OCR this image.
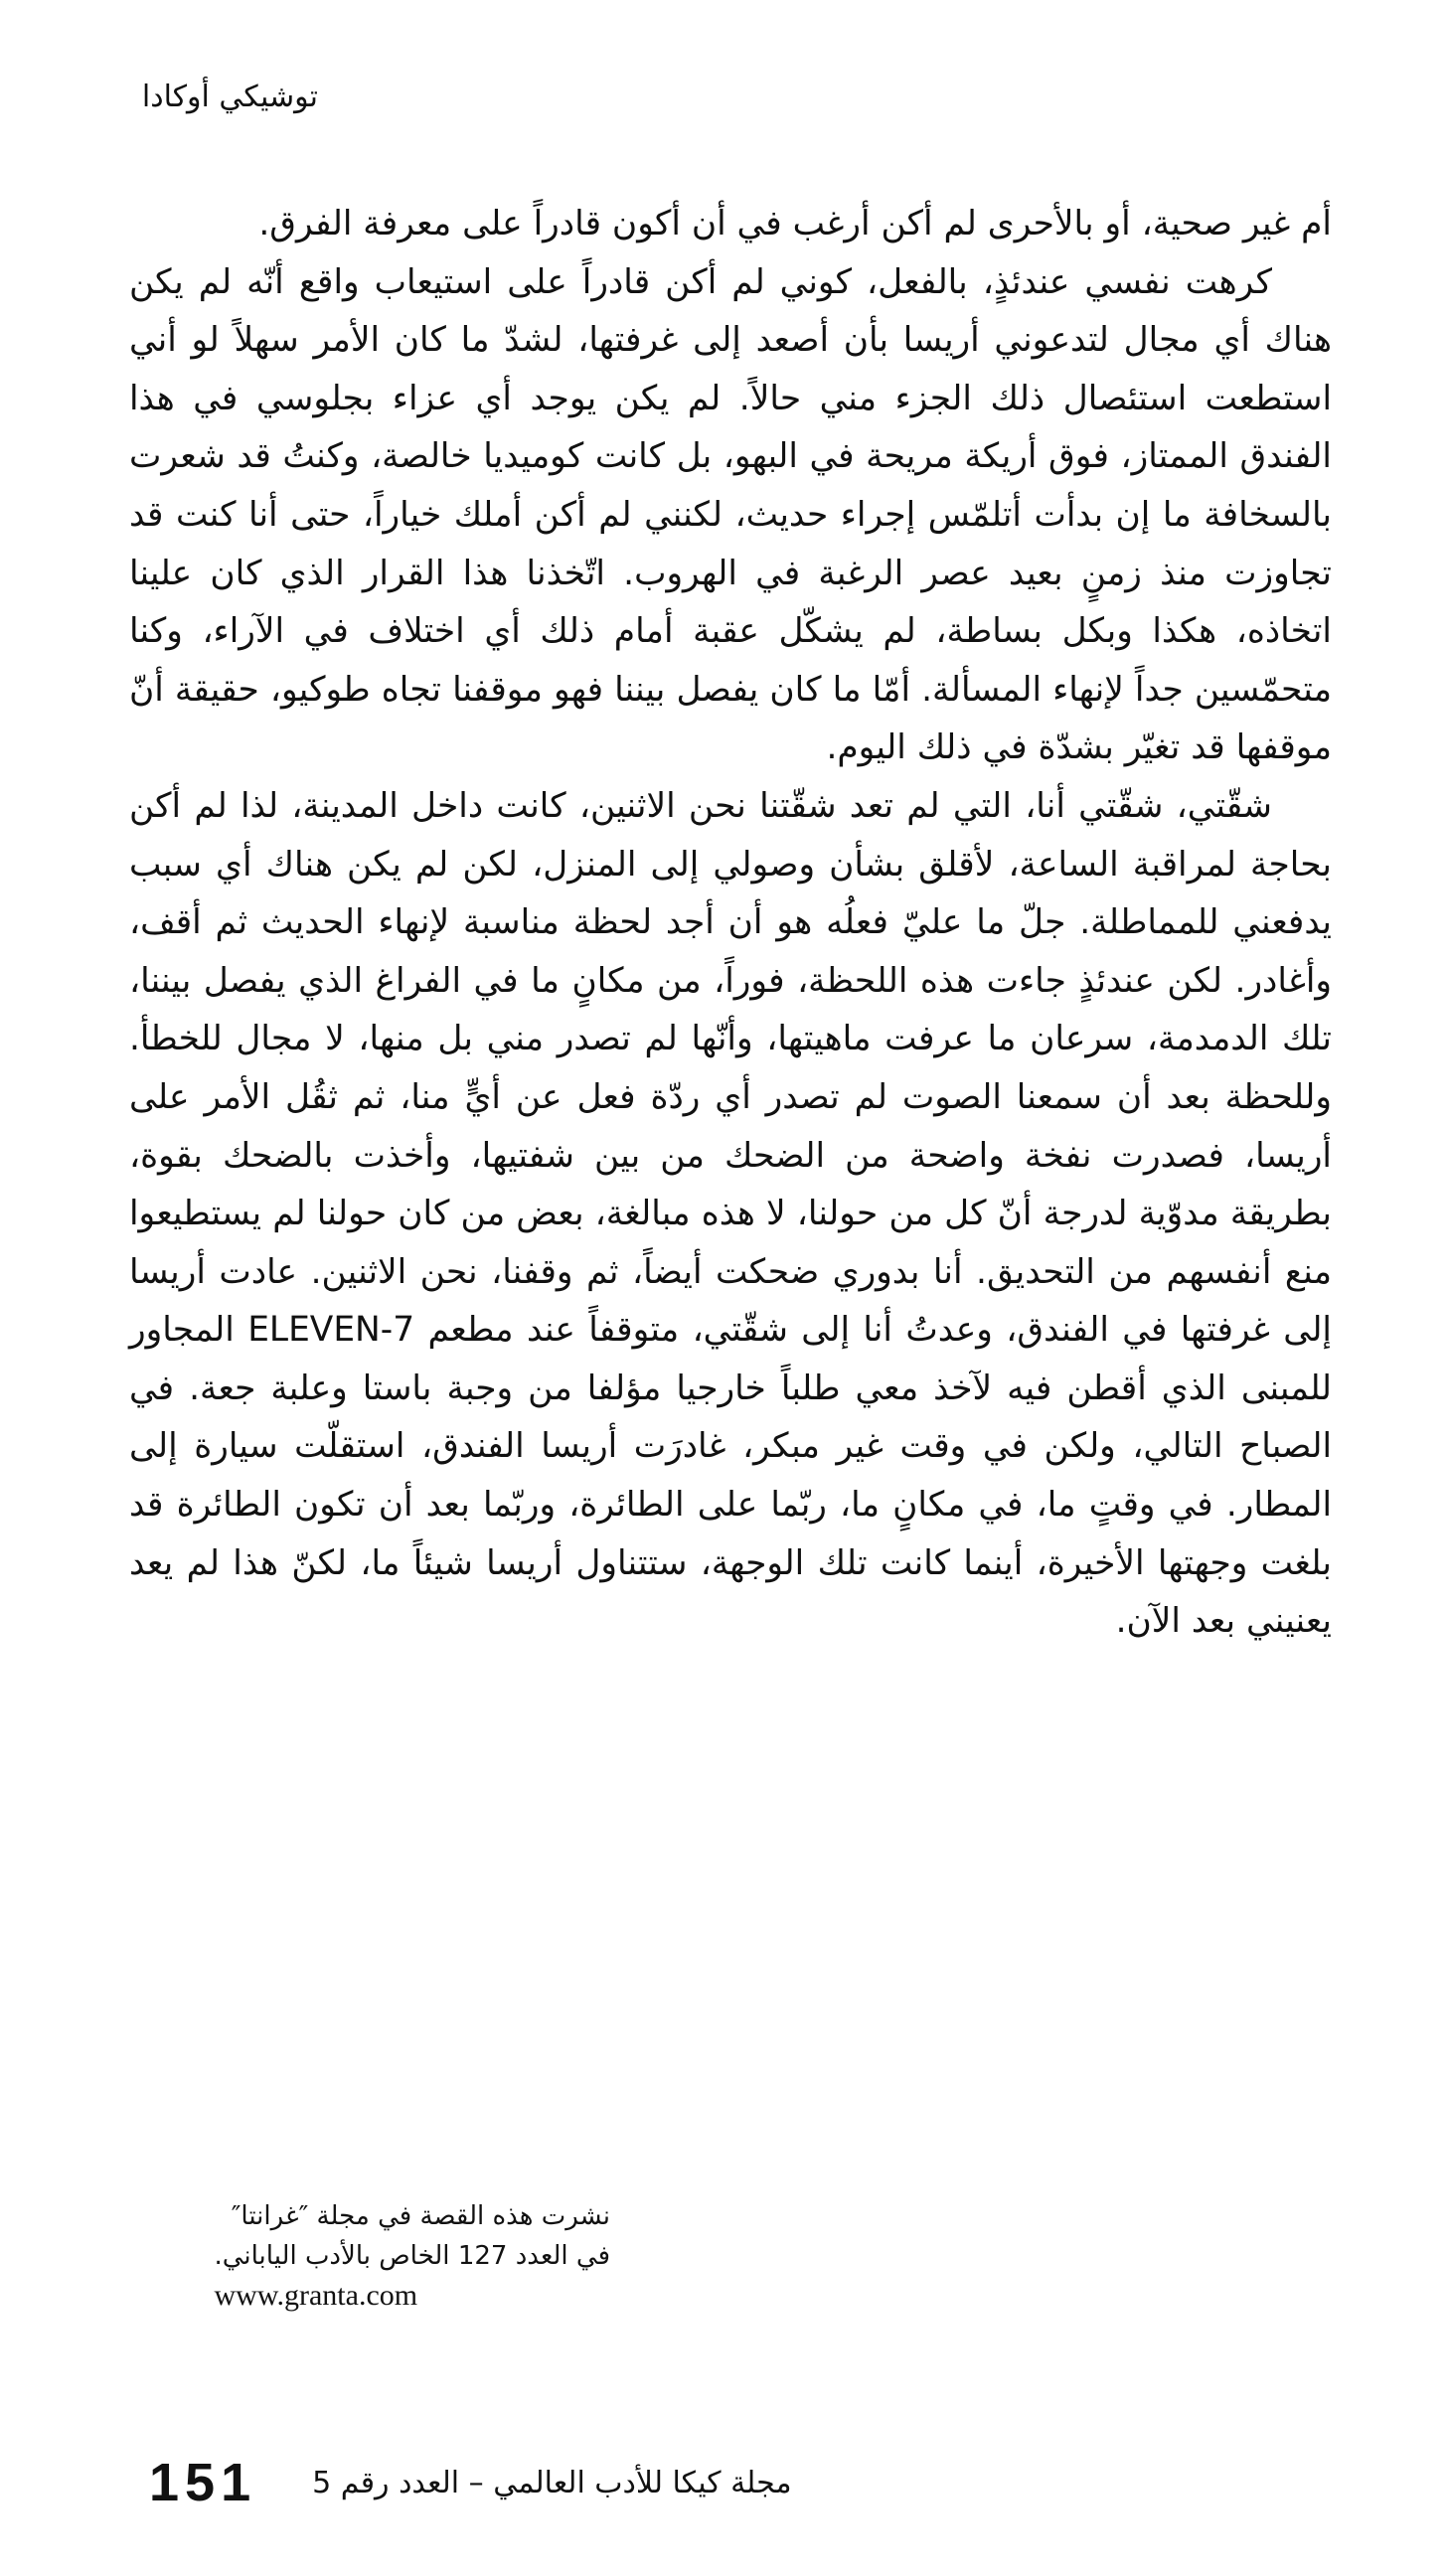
توشيكي أوكادا

أم غير صحية، أو بالأحرى لم أكن أرغب في أن أكون قادراً على معرفة الفرق.

كرهت نفسي عندئذٍ، بالفعل، كوني لم أكن قادراً على استيعاب واقع أنّه لم يكن هناك أي مجال لتدعوني أريسا بأن أصعد إلى غرفتها، لشدّ ما كان الأمر سهلاً لو أني استطعت استئصال ذلك الجزء مني حالاً. لم يكن يوجد أي عزاء بجلوسي في هذا الفندق الممتاز، فوق أريكة مريحة في البهو، بل كانت كوميديا خالصة، وكنتُ قد شعرت بالسخافة ما إن بدأت أتلمّس إجراء حديث، لكنني لم أكن أملك خياراً، حتى أنا كنت قد تجاوزت منذ زمنٍ بعيد عصر الرغبة في الهروب. اتّخذنا هذا القرار الذي كان علينا اتخاذه، هكذا وبكل بساطة، لم يشكّل عقبة أمام ذلك أي اختلاف في الآراء، وكنا متحمّسين جداً لإنهاء المسألة. أمّا ما كان يفصل بيننا فهو موقفنا تجاه طوكيو، حقيقة أنّ موقفها قد تغيّر بشدّة في ذلك اليوم.

شقّتي، شقّتي أنا، التي لم تعد شقّتنا نحن الاثنين، كانت داخل المدينة، لذا لم أكن بحاجة لمراقبة الساعة، لأقلق بشأن وصولي إلى المنزل، لكن لم يكن هناك أي سبب يدفعني للمماطلة. جلّ ما عليّ فعلُه هو أن أجد لحظة مناسبة لإنهاء الحديث ثم أقف، وأغادر. لكن عندئذٍ جاءت هذه اللحظة، فوراً، من مكانٍ ما في الفراغ الذي يفصل بيننا، تلك الدمدمة، سرعان ما عرفت ماهيتها، وأنّها لم تصدر مني بل منها، لا مجال للخطأ. وللحظة بعد أن سمعنا الصوت لم تصدر أي ردّة فعل عن أيٍّ منا، ثم ثقُل الأمر على أريسا، فصدرت نفخة واضحة من الضحك من بين شفتيها، وأخذت بالضحك بقوة، بطريقة مدوّية لدرجة أنّ كل من حولنا، لا هذه مبالغة، بعض من كان حولنا لم يستطيعوا منع أنفسهم من التحديق. أنا بدوري ضحكت أيضاً، ثم وقفنا، نحن الاثنين. عادت أريسا إلى غرفتها في الفندق، وعدتُ أنا إلى شقّتي، متوقفاً عند مطعم 7-ELEVEN المجاور للمبنى الذي أقطن فيه لآخذ معي طلباً خارجيا مؤلفا من وجبة باستا وعلبة جعة. في الصباح التالي، ولكن في وقت غير مبكر، غادرَت أريسا الفندق، استقلّت سيارة إلى المطار. في وقتٍ ما، في مكانٍ ما، ربّما على الطائرة، وربّما بعد أن تكون الطائرة قد بلغت وجهتها الأخيرة، أينما كانت تلك الوجهة، ستتناول أريسا شيئاً ما، لكنّ هذا لم يعد يعنيني بعد الآن.

نشرت هذه القصة في مجلة ″غرانتا″
في العدد 127 الخاص بالأدب الياباني.
www.granta.com
151 مجلة كيكا للأدب العالمي – العدد رقم 5
